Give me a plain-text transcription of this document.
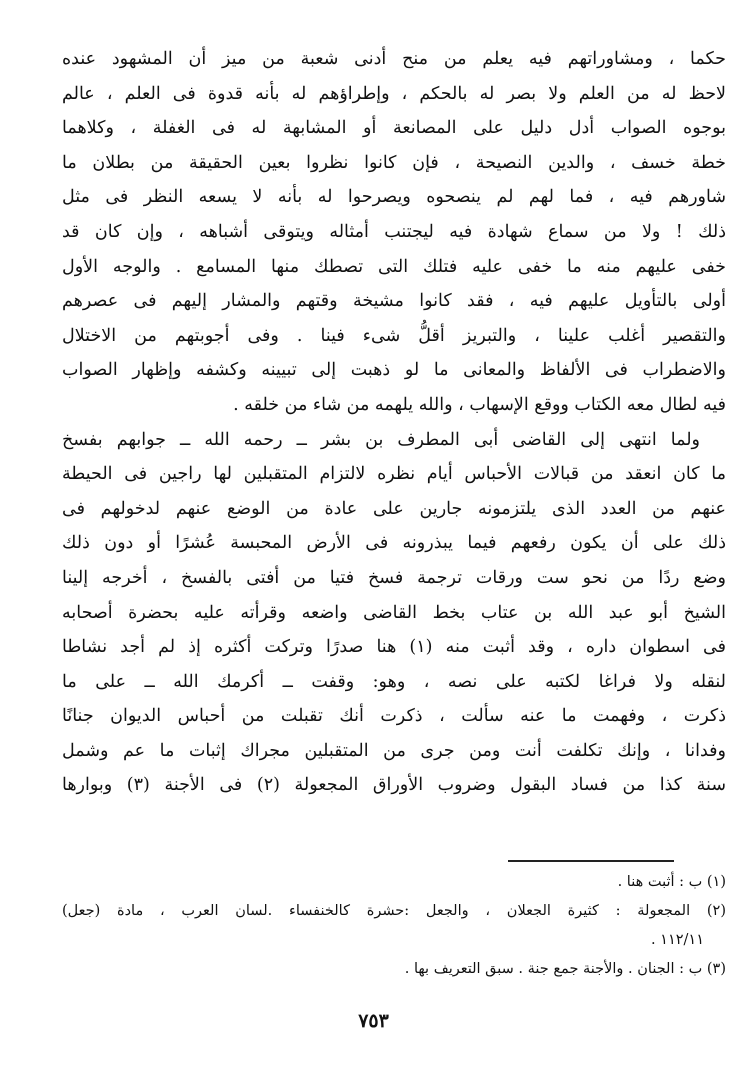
حكما ، ومشاوراتهم فيه يعلم من منح أدنى شعبة من ميز أن المشهود عنده
لاحظ له من العلم ولا بصر له بالحكم ، وإطراؤهم له بأنه قدوة فى العلم ، عالم
بوجوه الصواب أدل دليل على المصانعة أو المشابهة له فى الغفلة ، وكلاهما
خطة خسف ، والدين النصيحة ، فإن كانوا نظروا بعين الحقيقة من بطلان ما
شاورهم فيه ، فما لهم لم ينصحوه ويصرحوا له بأنه لا يسعه النظر فى مثل
ذلك ! ولا من سماع شهادة فيه ليجتنب أمثاله ويتوقى أشباهه ، وإن كان قد
خفى عليهم منه ما خفى عليه فتلك التى تصطك منها المسامع . والوجه الأول
أولى بالتأويل عليهم فيه ، فقد كانوا مشيخة وقتهم والمشار إليهم فى عصرهم
والتقصير أغلب علينا ، والتبريز أقلُّ شىء فينا . وفى أجوبتهم من الاختلال
والاضطراب فى الألفاظ والمعانى ما لو ذهبت إلى تبيينه وكشفه وإظهار الصواب
فيه لطال معه الكتاب ووقع الإسهاب ، والله يلهمه من شاء من خلقه .
ولما انتهى إلى القاضى أبى المطرف بن بشر ــ رحمه الله ــ جوابهم بفسخ
ما كان انعقد من قبالات الأحباس أيام نظره لالتزام المتقبلين لها راجين فى الحيطة
عنهم من العدد الذى يلتزمونه جارين على عادة من الوضع عنهم لدخولهم فى
ذلك على أن يكون رفعهم فيما يبذرونه فى الأرض المحبسة عُشرًا أو دون ذلك
وضع ردًا من نحو ست ورقات ترجمة فسخ فتيا من أفتى بالفسخ ، أخرجه إلينا
الشيخ أبو عبد الله بن عتاب بخط القاضى واضعه وقرأته عليه بحضرة أصحابه
فى اسطوان داره ، وقد أثبت منه (١) هنا صدرًا وتركت أكثره إذ لم أجد نشاطا
لنقله ولا فراغا لكتبه على نصه ، وهو: وقفت ــ أكرمك الله ــ على ما
ذكرت ، وفهمت ما عنه سألت ، ذكرت أنك تقبلت من أحباس الديوان جنانًا
وفدانا ، وإنك تكلفت أنت ومن جرى من المتقبلين مجراك إثبات ما عم وشمل
سنة كذا من فساد البقول وضروب الأوراق المجعولة (٢) فى الأجنة (٣) وبوارها
(١) ب : أثبت هنا .
(٢) المجعولة : كثيرة الجعلان ، والجعل :حشرة كالخنفساء .لسان العرب ، مادة (جعل)
١١٢/١١ .
(٣) ب : الجنان . والأجنة جمع جنة . سبق التعريف بها .
٧٥٣
